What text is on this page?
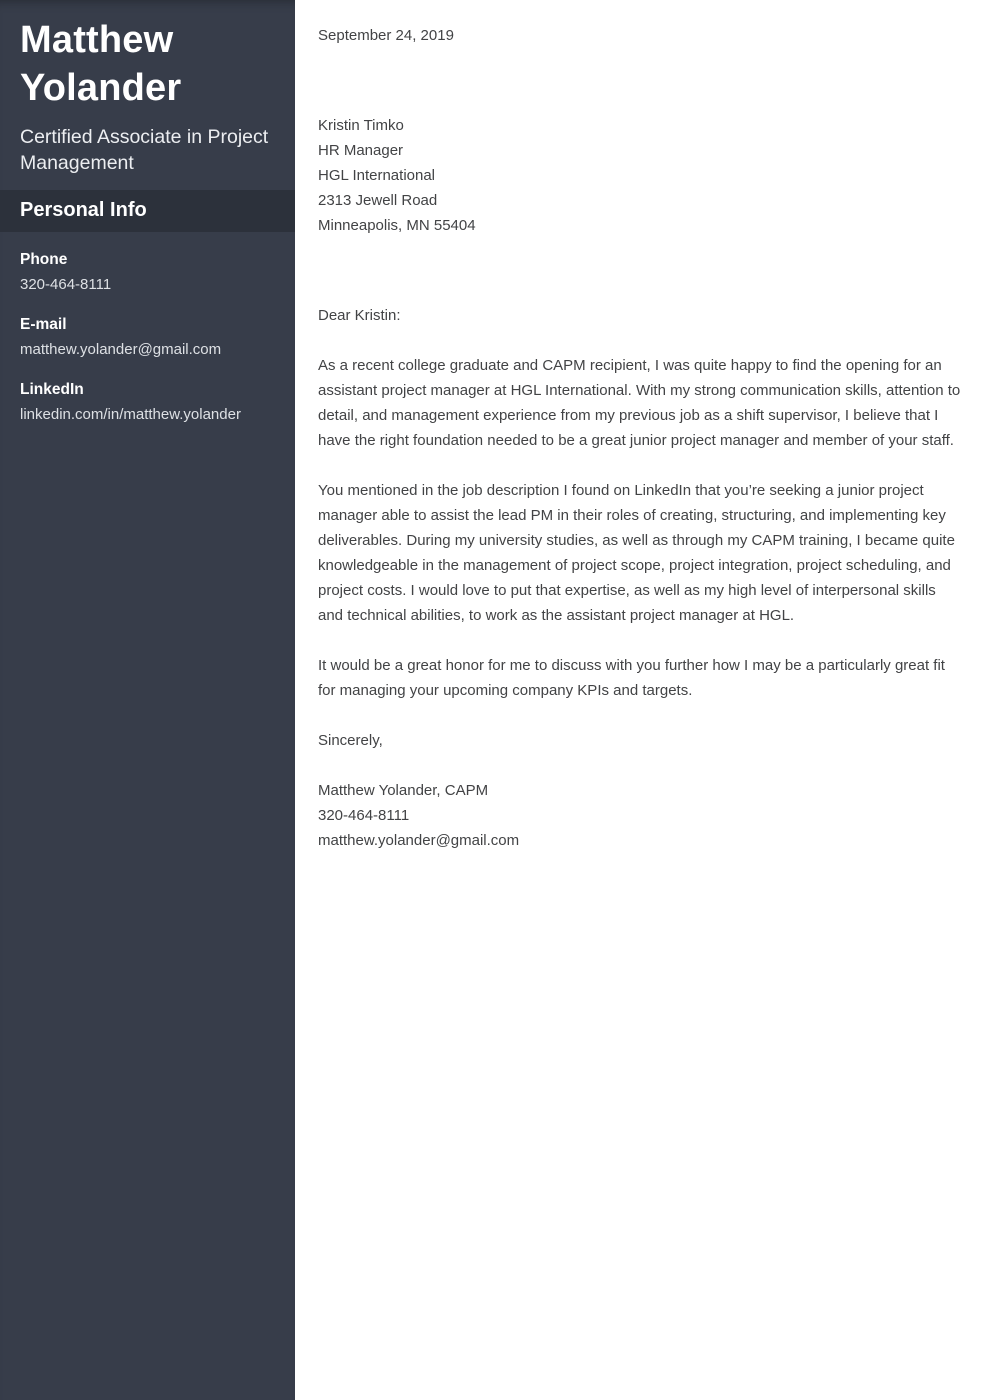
Matthew Yolander
Certified Associate in Project Management
Personal Info
Phone
320-464-8111
E-mail
matthew.yolander@gmail.com
LinkedIn
linkedin.com/in/matthew.yolander
September 24, 2019
Kristin Timko
HR Manager
HGL International
2313 Jewell Road
Minneapolis, MN 55404
Dear Kristin:

As a recent college graduate and CAPM recipient, I was quite happy to find the opening for an assistant project manager at HGL International. With my strong communication skills, attention to detail, and management experience from my previous job as a shift supervisor, I believe that I have the right foundation needed to be a great junior project manager and member of your staff.

You mentioned in the job description I found on LinkedIn that you’re seeking a junior project manager able to assist the lead PM in their roles of creating, structuring, and implementing key deliverables. During my university studies, as well as through my CAPM training, I became quite knowledgeable in the management of project scope, project integration, project scheduling, and project costs. I would love to put that expertise, as well as my high level of interpersonal skills and technical abilities, to work as the assistant project manager at HGL.

It would be a great honor for me to discuss with you further how I may be a particularly great fit for managing your upcoming company KPIs and targets.

Sincerely,
Matthew Yolander, CAPM
320-464-8111
matthew.yolander@gmail.com
